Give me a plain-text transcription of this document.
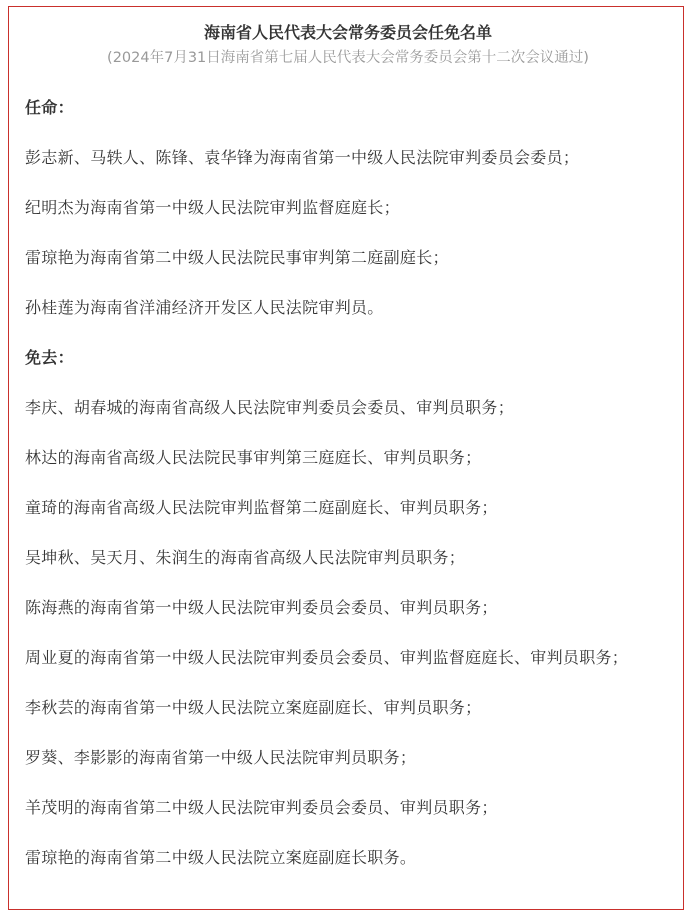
海南省人民代表大会常务委员会任免名单

(2024年7月31日海南省第七届人民代表大会常务委员会第十二次会议通过)

任命：

彭志新、马轶人、陈锋、袁华锋为海南省第一中级人民法院审判委员会委员；

纪明杰为海南省第一中级人民法院审判监督庭庭长；

雷琼艳为海南省第二中级人民法院民事审判第二庭副庭长；

孙桂莲为海南省洋浦经济开发区人民法院审判员。

免去：

李庆、胡春城的海南省高级人民法院审判委员会委员、审判员职务；

林达的海南省高级人民法院民事审判第三庭庭长、审判员职务；

童琦的海南省高级人民法院审判监督第二庭副庭长、审判员职务；

吴坤秋、吴天月、朱润生的海南省高级人民法院审判员职务；

陈海燕的海南省第一中级人民法院审判委员会委员、审判员职务；

周业夏的海南省第一中级人民法院审判委员会委员、审判监督庭庭长、审判员职务；

李秋芸的海南省第一中级人民法院立案庭副庭长、审判员职务；

罗葵、李影影的海南省第一中级人民法院审判员职务；

羊茂明的海南省第二中级人民法院审判委员会委员、审判员职务；

雷琼艳的海南省第二中级人民法院立案庭副庭长职务。
